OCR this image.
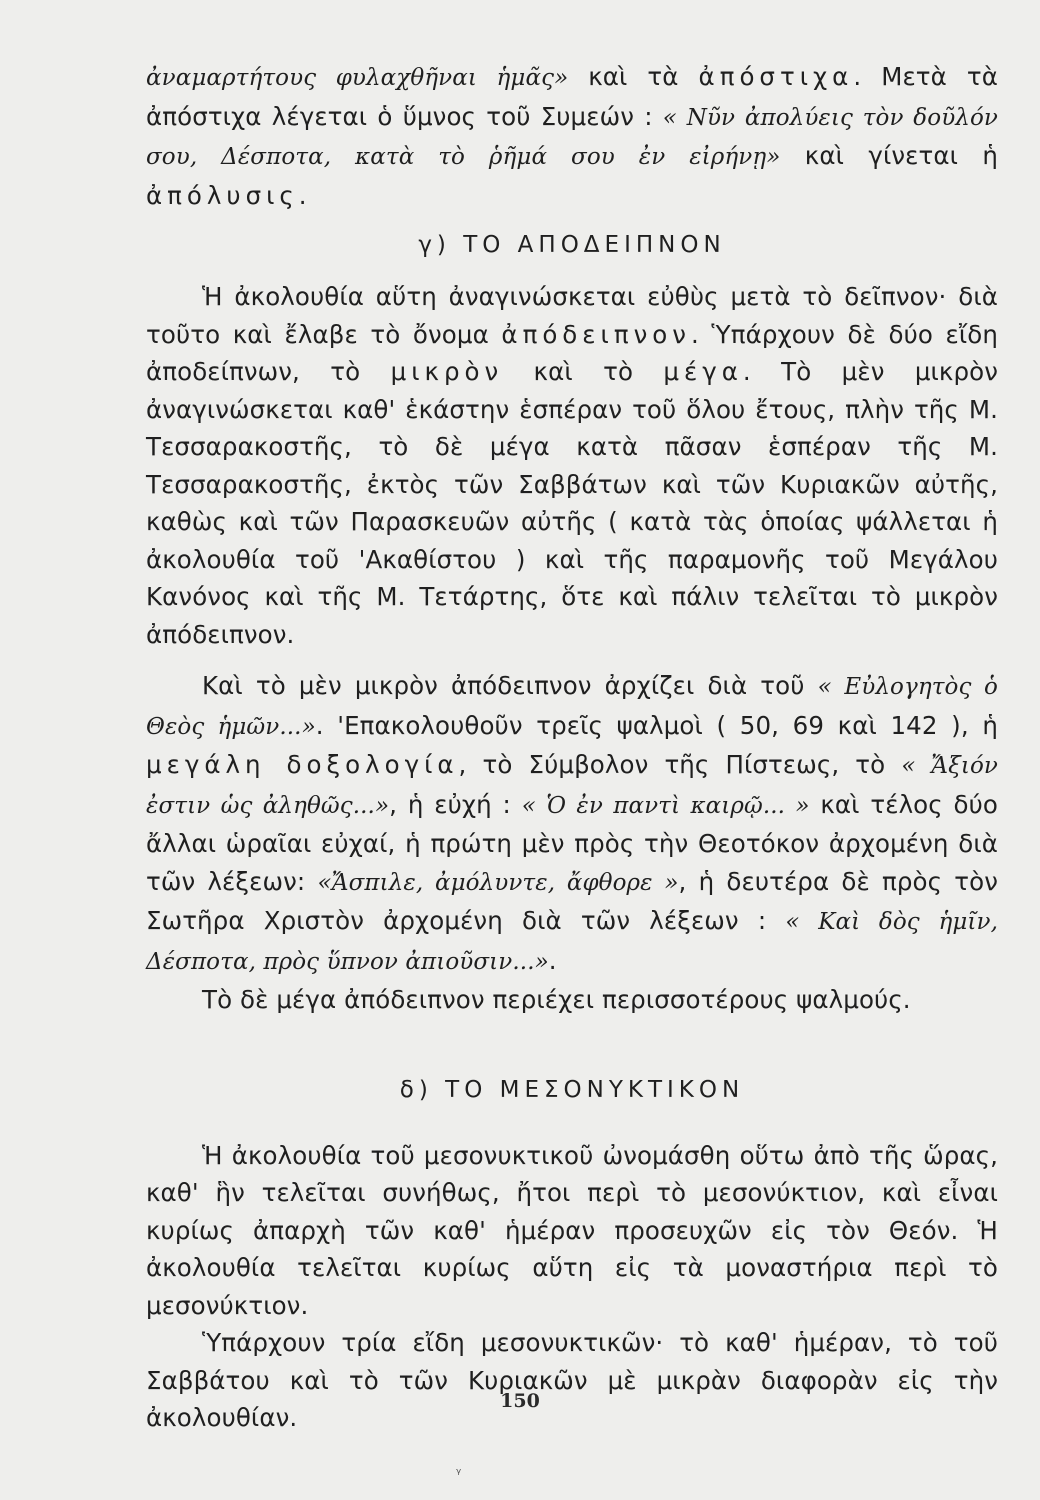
ἀναμαρτήτους φυλαχθῆναι ἡμᾶς» καὶ τὰ ἀπόστιχα. Μετὰ τὰ ἀπόστιχα λέγεται ὁ ὕμνος τοῦ Συμεών : « Νῦν ἀπολύεις τὸν δοῦλόν σου, Δέσποτα, κατὰ τὸ ῥῆμά σου ἐν εἰρήνῃ» καὶ γίνεται ἡ ἀπόλυσις.

γ) ΤΟ ΑΠΟΔΕΙΠΝΟΝ

Ἡ ἀκολουθία αὕτη ἀναγινώσκεται εὐθὺς μετὰ τὸ δεῖπνον· διὰ τοῦτο καὶ ἔλαβε τὸ ὄνομα ἀπόδειπνον. Ὑπάρχουν δὲ δύο εἴδη ἀποδείπνων, τὸ μικρὸν καὶ τὸ μέγα. Τὸ μὲν μικρὸν ἀναγινώσκεται καθ' ἑκάστην ἑσπέραν τοῦ ὅλου ἔτους, πλὴν τῆς Μ. Τεσσαρακοστῆς, τὸ δὲ μέγα κατὰ πᾶσαν ἑσπέραν τῆς Μ. Τεσσαρακοστῆς, ἐκτὸς τῶν Σαββάτων καὶ τῶν Κυριακῶν αὐτῆς, καθὼς καὶ τῶν Παρασκευῶν αὐτῆς ( κατὰ τὰς ὁποίας ψάλλεται ἡ ἀκολουθία τοῦ 'Ακαθίστου ) καὶ τῆς παραμονῆς τοῦ Μεγάλου Κανόνος καὶ τῆς Μ. Τετάρτης, ὅτε καὶ πάλιν τελεῖται τὸ μικρὸν ἀπόδειπνον.

Καὶ τὸ μὲν μικρὸν ἀπόδειπνον ἀρχίζει διὰ τοῦ « Εὐλογητὸς ὁ Θεὸς ἡμῶν...». 'Επακολουθοῦν τρεῖς ψαλμοὶ ( 50, 69 καὶ 142 ), ἡ μεγάλη δοξολογία, τὸ Σύμβολον τῆς Πίστεως, τὸ « Ἄξιόν ἐστιν ὡς ἀληθῶς...», ἡ εὐχή : « Ὁ ἐν παντὶ καιρῷ... » καὶ τέλος δύο ἄλλαι ὡραῖαι εὐχαί, ἡ πρώτη μὲν πρὸς τὴν Θεοτόκον ἀρχομένη διὰ τῶν λέξεων: «Ἄσπιλε, ἀμόλυντε, ἄφθορε », ἡ δευτέρα δὲ πρὸς τὸν Σωτῆρα Χριστὸν ἀρχομένη διὰ τῶν λέξεων : « Καὶ δὸς ἡμῖν, Δέσποτα, πρὸς ὕπνον ἀπιοῦσιν...».

Τὸ δὲ μέγα ἀπόδειπνον περιέχει περισσοτέρους ψαλμούς.

δ) ΤΟ ΜΕΣΟΝΥΚΤΙΚΟΝ

Ἡ ἀκολουθία τοῦ μεσονυκτικοῦ ὠνομάσθη οὕτω ἀπὸ τῆς ὥρας, καθ' ἣν τελεῖται συνήθως, ἤτοι περὶ τὸ μεσονύκτιον, καὶ εἶναι κυρίως ἀπαρχὴ τῶν καθ' ἡμέραν προσευχῶν εἰς τὸν Θεόν. Ἡ ἀκολουθία τελεῖται κυρίως αὕτη εἰς τὰ μοναστήρια περὶ τὸ μεσονύκτιον.

Ὑπάρχουν τρία εἴδη μεσονυκτικῶν· τὸ καθ' ἡμέραν, τὸ τοῦ Σαββάτου καὶ τὸ τῶν Κυριακῶν μὲ μικρὰν διαφορὰν εἰς τὴν ἀκολουθίαν.

150
ᵞ
